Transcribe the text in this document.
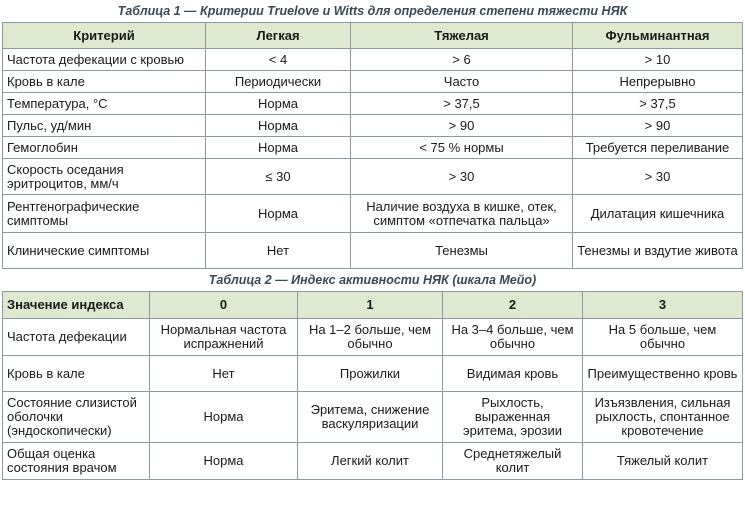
Таблица 1 — Критерии Truelove и Witts для определения степени тяжести НЯК
Критерий	Легкая	Тяжелая	Фульминантная
Частота дефекации с кровью	< 4	> 6	> 10
Кровь в кале	Периодически	Часто	Непрерывно
Температура, °С	Норма	> 37,5	> 37,5
Пульс, уд/мин	Норма	> 90	> 90
Гемоглобин	Норма	< 75 % нормы	Требуется переливание
Скорость оседания эритроцитов, мм/ч	≤ 30	> 30	> 30
Рентгенографические симптомы	Норма	Наличие воздуха в кишке, отек, симптом «отпечатка пальца»	Дилатация кишечника
Клинические симптомы	Нет	Тенезмы	Тенезмы и вздутие живота
Таблица 2 — Индекс активности НЯК (шкала Мейо)
Значение индекса	0	1	2	3
Частота дефекации	Нормальная частота испражнений	На 1–2 больше, чем обычно	На 3–4 больше, чем обычно	На 5 больше, чем обычно
Кровь в кале	Нет	Прожилки	Видимая кровь	Преимущественно кровь
Состояние слизистой оболочки (эндоскопически)	Норма	Эритема, снижение васкуляризации	Рыхлость, выраженная эритема, эрозии	Изъязвления, сильная рыхлость, спонтанное кровотечение
Общая оценка состояния врачом	Норма	Легкий колит	Среднетяжелый колит	Тяжелый колит
